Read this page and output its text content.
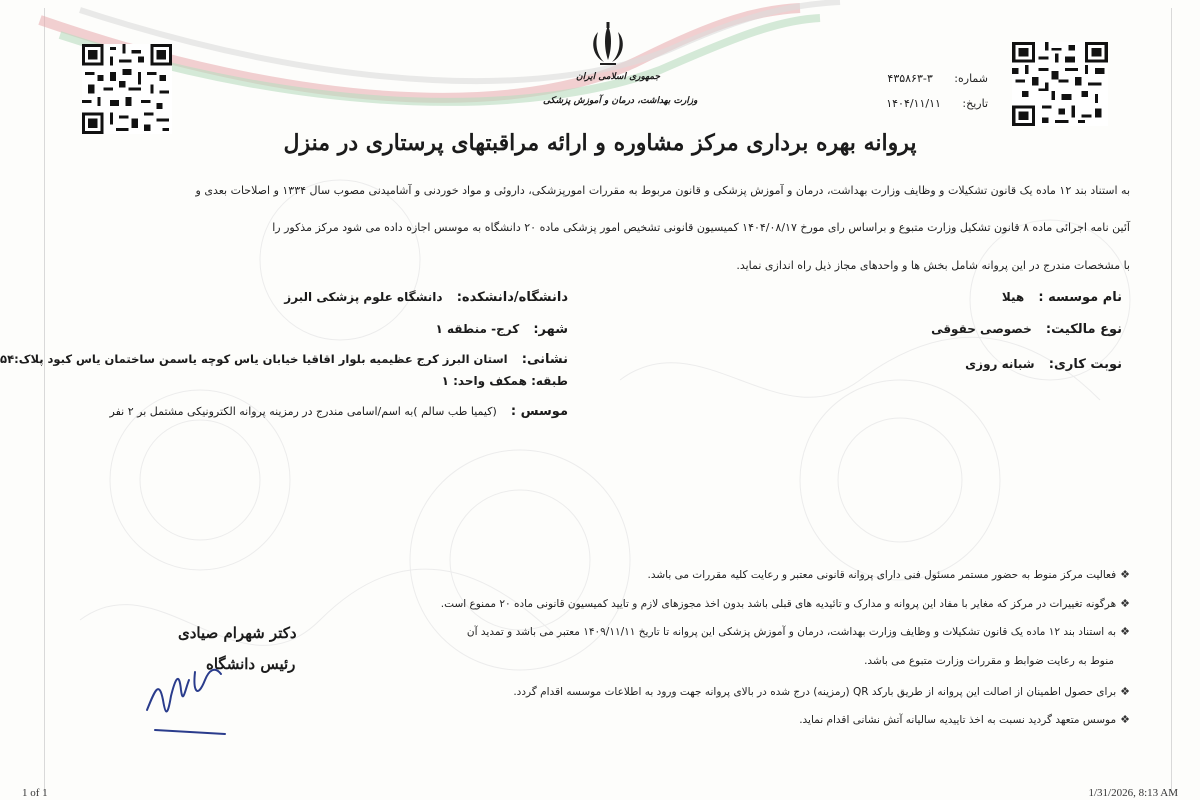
جمهوری اسلامی ایران
وزارت بهداشت، درمان و آموزش پزشکی
شماره: ۳-۴۳۵۸۶۳
تاریخ: ۱۴۰۴/۱۱/۱۱
پروانه بهره برداری مرکز مشاوره و ارائه مراقبتهای پرستاری در منزل
به استناد بند ۱۲ ماده یک قانون تشکیلات و وظایف وزارت بهداشت، درمان و آموزش پزشکی و قانون مربوط به مقررات امورپزشکی، داروئی و مواد خوردنی و آشامیدنی مصوب سال ۱۳۳۴ و اصلاحات بعدی و
آئین نامه اجرائی ماده ۸ قانون تشکیل وزارت متبوع و براساس رای مورخ ۱۴۰۴/۰۸/۱۷ کمیسیون قانونی تشخیص امور پزشکی ماده ۲۰ دانشگاه به موسس اجازه داده می شود مرکز مذکور را
با مشخصات مندرج در این پروانه شامل بخش ها و واحدهای مجاز ذیل راه اندازی نماید.
نام موسسه : هیلا
نوع مالکیت: خصوصی حقوقی
نوبت کاری: شبانه روزی
دانشگاه/دانشکده: دانشگاه علوم پزشکی البرز
شهر: کرج- منطقه ۱
نشانی: استان البرز کرج عظیمیه بلوار اقاقیا خیابان یاس کوچه یاسمن ساختمان یاس کبود پلاک:۵۴
طبقه: همکف واحد: ۱
موسس : (کیمیا طب سالم )به اسم/اسامی مندرج در رمزینه پروانه الکترونیکی مشتمل بر ۲ نفر
❖فعالیت مرکز منوط به حضور مستمر مسئول فنی دارای پروانه قانونی معتبر و رعایت کلیه مقررات می باشد.
❖هرگونه تغییرات در مرکز که مغایر با مفاد این پروانه و مدارک و تائیدیه های قبلی باشد بدون اخذ مجوزهای لازم و تایید کمیسیون قانونی ماده ۲۰ ممنوع است.
❖به استناد بند ۱۲ ماده یک قانون تشکیلات و وظایف وزارت بهداشت، درمان و آموزش پزشکی این پروانه تا تاریخ ۱۴۰۹/۱۱/۱۱ معتبر می باشد و تمدید آن
منوط به رعایت ضوابط و مقررات وزارت متبوع می باشد.
❖برای حصول اطمینان از اصالت این پروانه از طریق بارکد QR (رمزینه) درج شده در بالای پروانه جهت ورود به اطلاعات موسسه اقدام گردد.
❖موسس متعهد گردید نسبت به اخذ تاییدیه سالیانه آتش نشانی اقدام نماید.
دکتر شهرام صیادی
رئیس دانشگاه
1 of 1	1/31/2026, 8:13 AM
